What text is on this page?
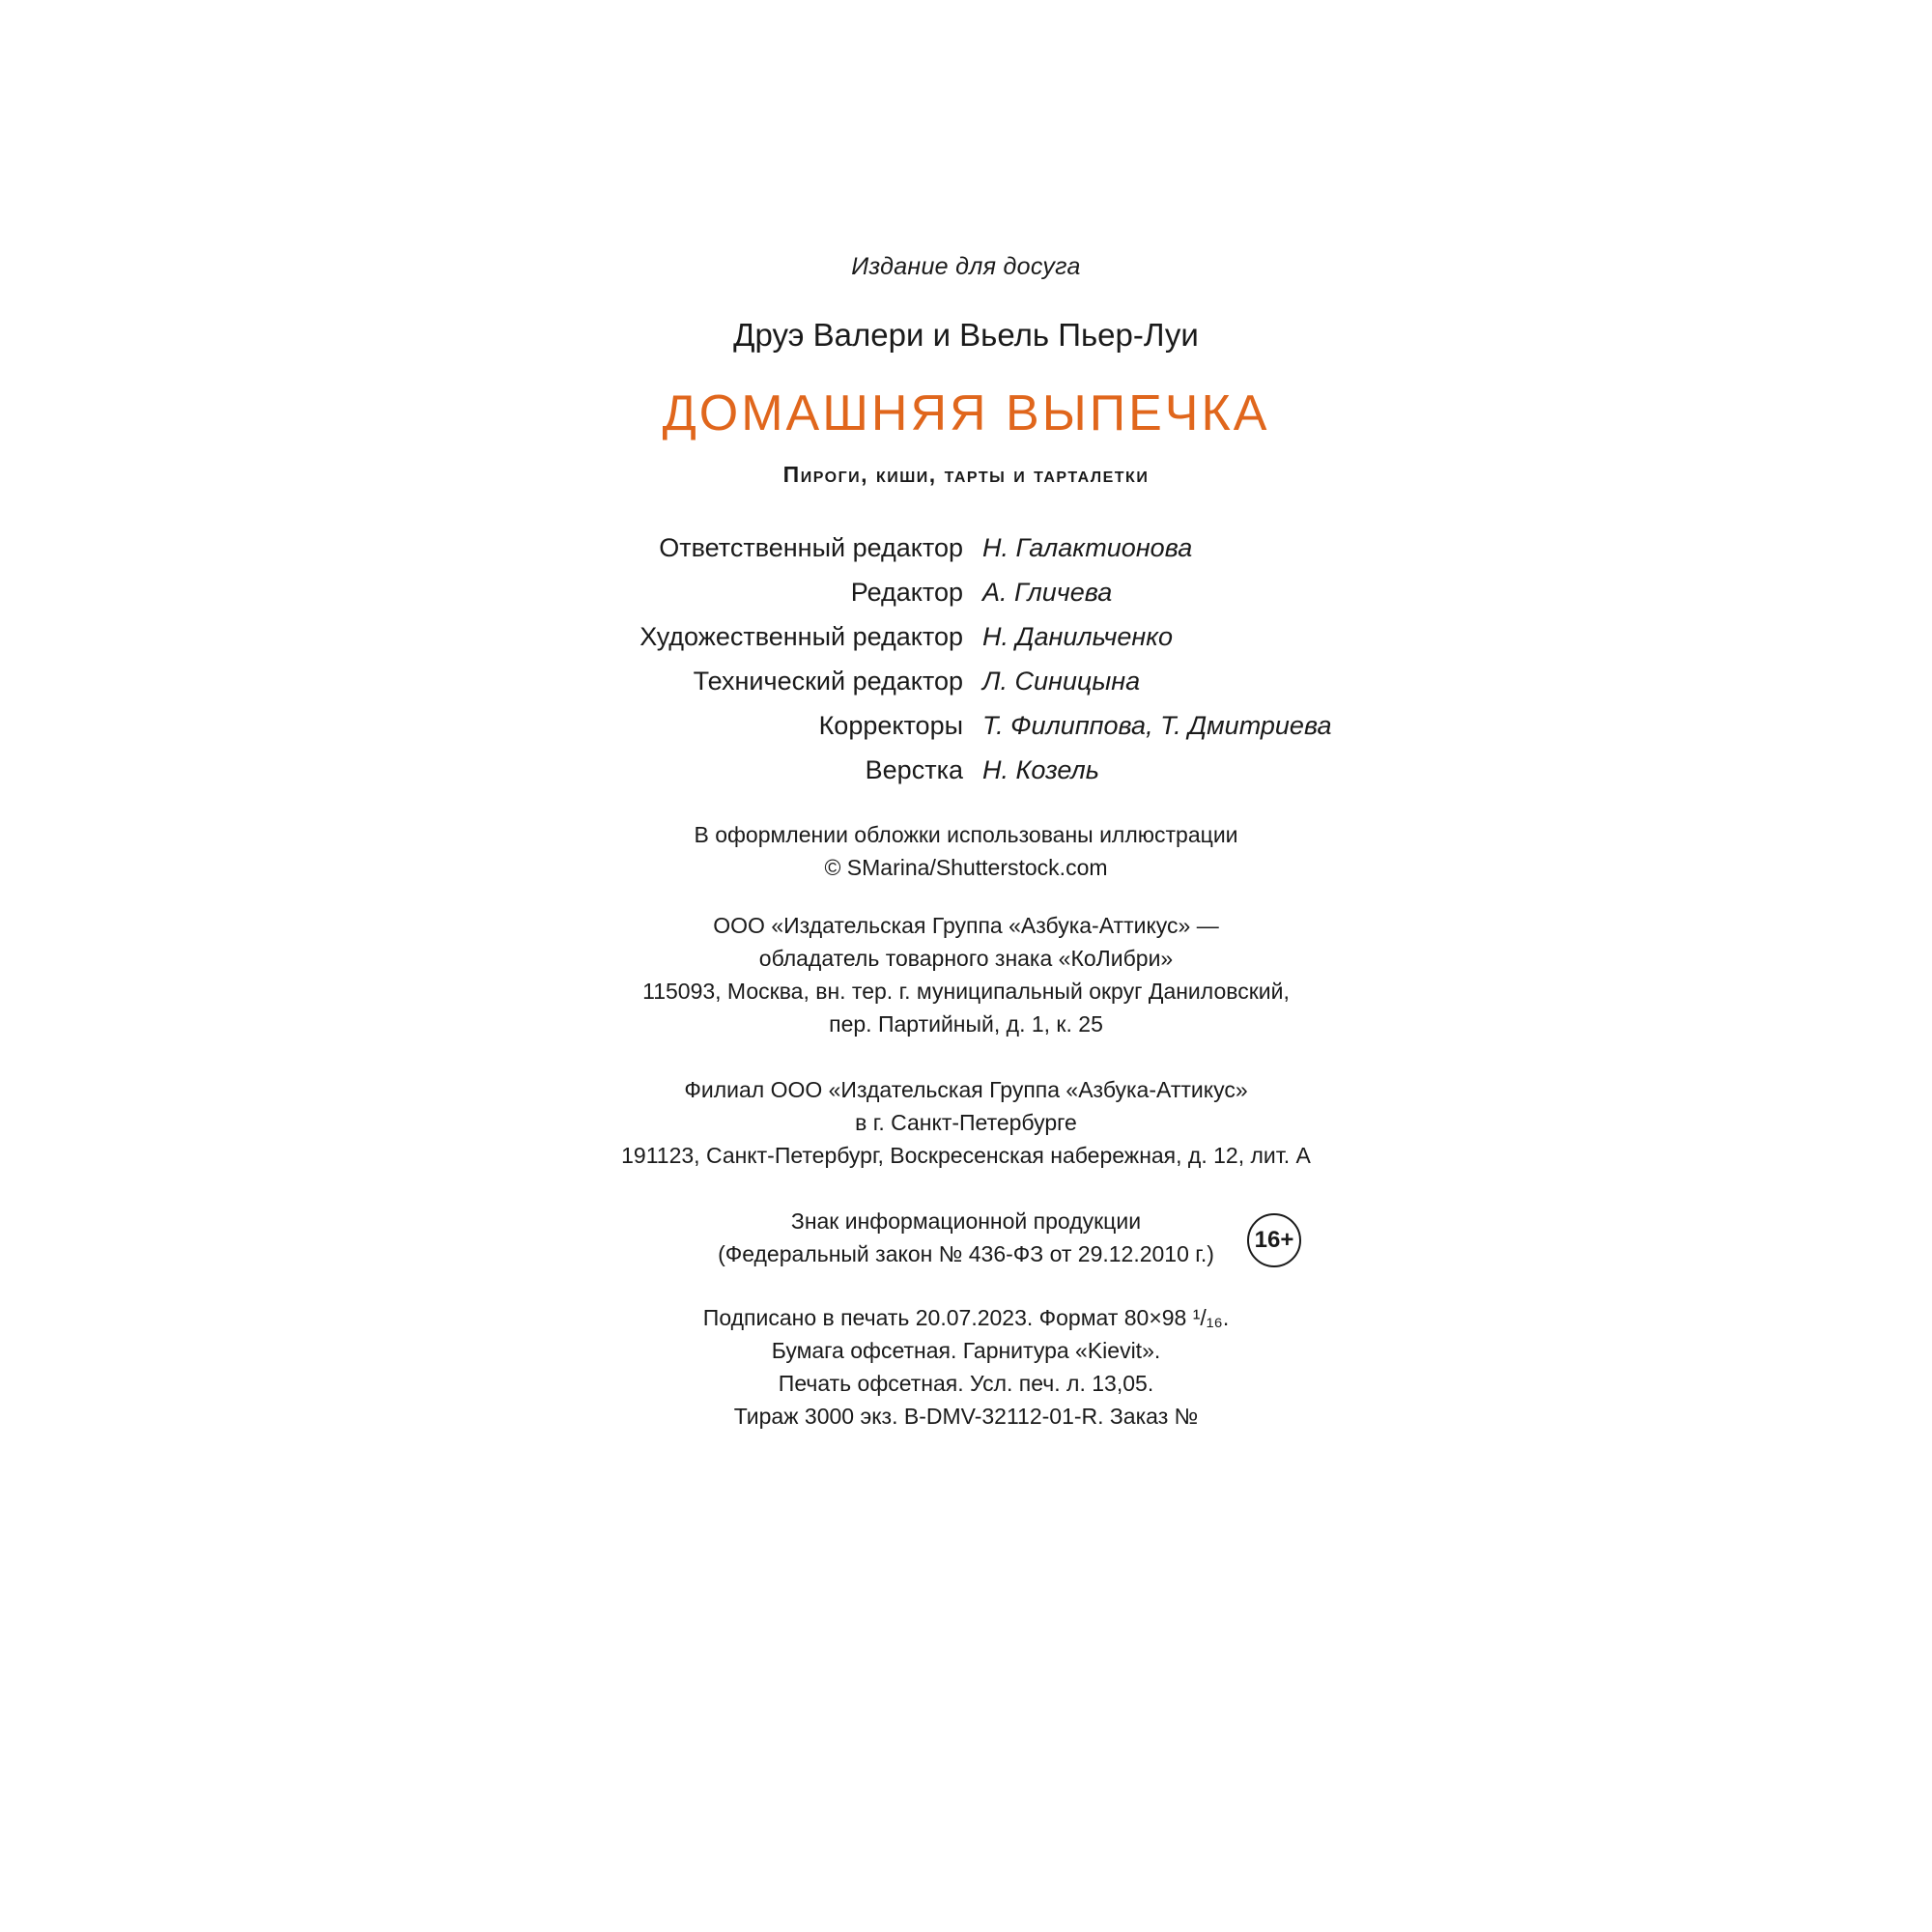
Издание для досуга
Друэ Валери и Вьель Пьер-Луи
ДОМАШНЯЯ ВЫПЕЧКА
Пироги, киши, тарты и тарталетки
Ответственный редактор Н. Галактионова
Редактор А. Гличева
Художественный редактор Н. Данильченко
Технический редактор Л. Синицына
Корректоры Т. Филиппова, Т. Дмитриева
Верстка Н. Козель
В оформлении обложки использованы иллюстрации
© SMarina/Shutterstock.com
ООО «Издательская Группа «Азбука-Аттикус» —
обладатель товарного знака «КоЛибри»
115093, Москва, вн. тер. г. муниципальный округ Даниловский,
пер. Партийный, д. 1, к. 25
Филиал ООО «Издательская Группа «Азбука-Аттикус»
в г. Санкт-Петербурге
191123, Санкт-Петербург, Воскресенская набережная, д. 12, лит. А
Знак информационной продукции
(Федеральный закон № 436-ФЗ от 29.12.2010 г.)
16+
Подписано в печать 20.07.2023. Формат 80×98 ¹/₁₆.
Бумага офсетная. Гарнитура «Kievit».
Печать офсетная. Усл. печ. л. 13,05.
Тираж 3000 экз. B-DMV-32112-01-R. Заказ №
